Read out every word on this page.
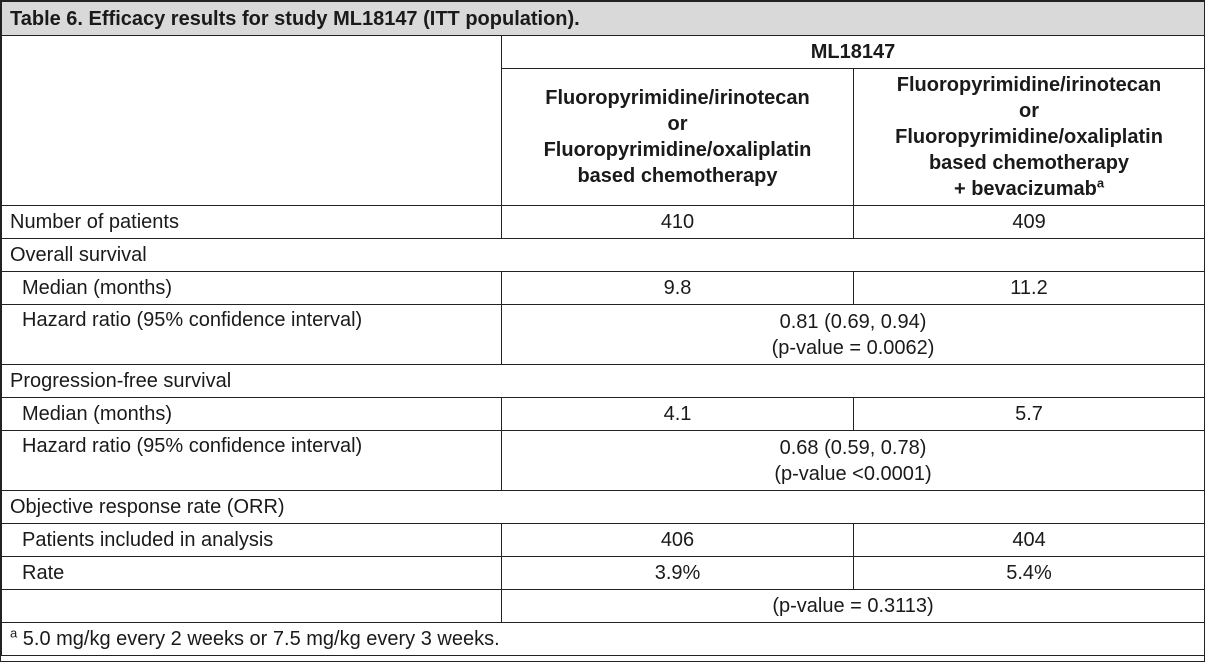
Table 6. Efficacy results for study ML18147 (ITT population).		
	ML18147	

	Fluoropyrimidine/irinotecan
or
Fluoropyrimidine/oxaliplatin
based chemotherapy	Fluoropyrimidine/irinotecan
or
Fluoropyrimidine/oxaliplatin
based chemotherapy
+ bevacizumab$^a$

Number of patients	410	409
Overall survival		
Median (months)	9.8	11.2
Hazard ratio (95% confidence interval)	0.81 (0.69, 0.94)
(p-value = 0.0062)	

Progression-free survival		
Median (months)	4.1	5.7
Hazard ratio (95% confidence interval)	0.68 (0.59, 0.78)
(p-value <0.0001)	

Objective response rate (ORR)		
Patients included in analysis	406	404
Rate	3.9%	5.4%
	(p-value = 0.3113)	
$^a$ 5.0 mg/kg every 2 weeks or 7.5 mg/kg every 3 weeks.		
